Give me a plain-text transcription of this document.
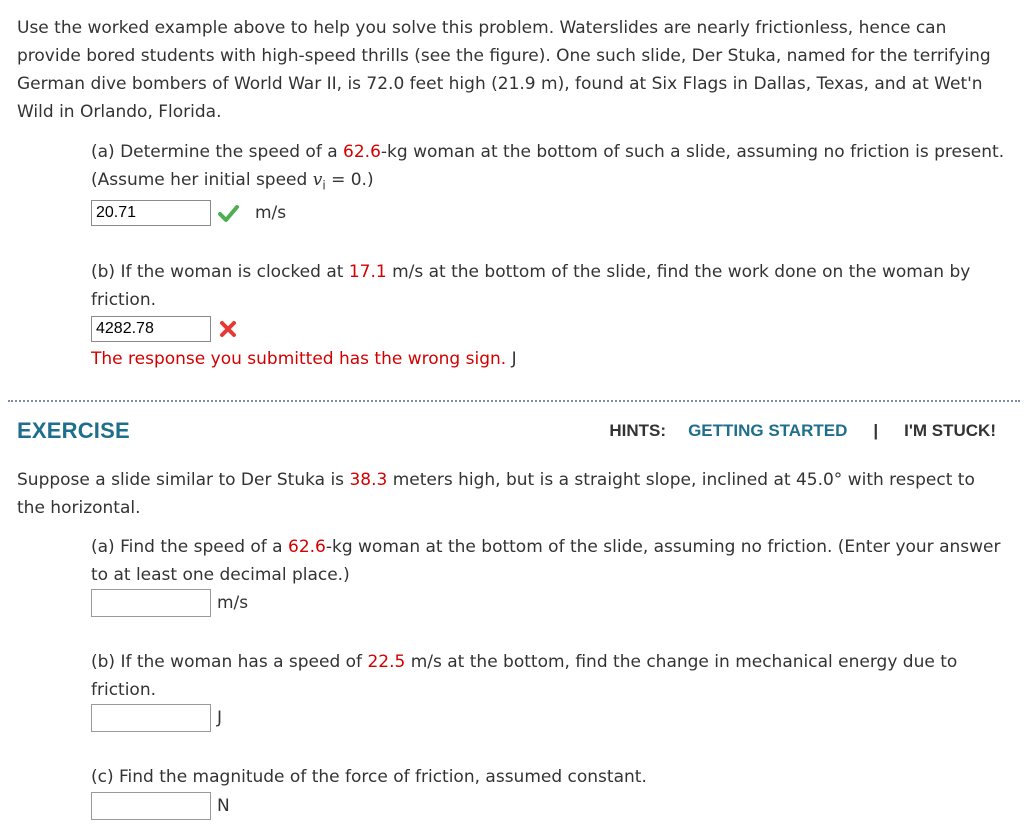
Use the worked example above to help you solve this problem. Waterslides are nearly frictionless, hence can provide bored students with high-speed thrills (see the figure). One such slide, Der Stuka, named for the terrifying German dive bombers of World War II, is 72.0 feet high (21.9 m), found at Six Flags in Dallas, Texas, and at Wet'n Wild in Orlando, Florida.

(a) Determine the speed of a 62.6-kg woman at the bottom of such a slide, assuming no friction is present. (Assume her initial speed $v_i = 0$.)

20.71	m/s

(b) If the woman is clocked at 17.1 m/s at the bottom of the slide, find the work done on the woman by friction.

4282.78

The response you submitted has the wrong sign. J

EXERCISE	HINTS: GETTING STARTED | I'M STUCK!

Suppose a slide similar to Der Stuka is 38.3 meters high, but is a straight slope, inclined at 45.0° with respect to the horizontal.

(a) Find the speed of a 62.6-kg woman at the bottom of the slide, assuming no friction. (Enter your answer to at least one decimal place.)

m/s

(b) If the woman has a speed of 22.5 m/s at the bottom, find the change in mechanical energy due to friction.

J

(c) Find the magnitude of the force of friction, assumed constant.

N
